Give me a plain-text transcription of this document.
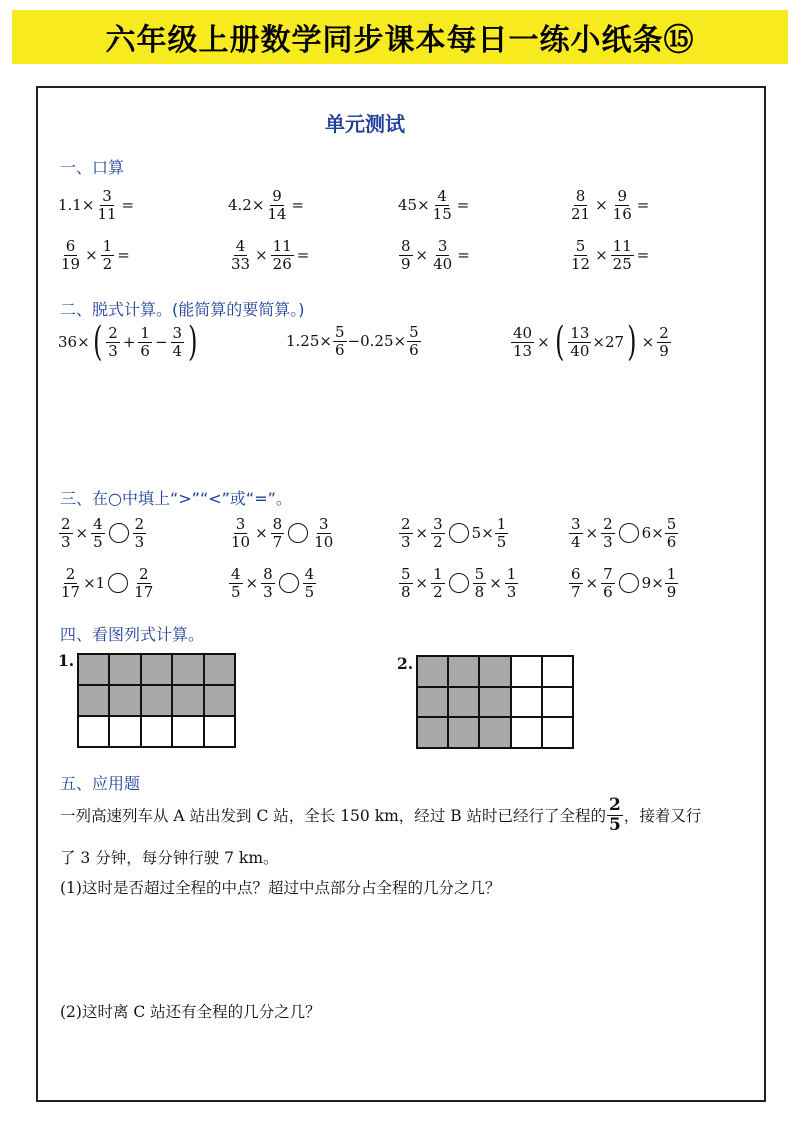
六年级上册数学同步课本每日一练小纸条⑮
单元测试
一、口算
$1.1\times \frac{3}{11}$ =	$4.2\times \frac{9}{14}$ =	$45\times \frac{4}{15}$ =	$\frac{8}{21} \times \frac{9}{16}$ =
$\frac{6}{19} \times \frac{1}{2}$ =	$\frac{4}{33} \times \frac{11}{26}$ =	$\frac{8}{9} \times \frac{3}{40}$ =	$\frac{5}{12} \times \frac{11}{25}$ =
二、脱式计算。(能简算的要简算。)
36× ( $\frac{2}{3} + \frac{1}{6} - \frac{3}{4}$ )	$1.25\times \frac{5}{6} -0.25\times \frac{5}{6}$	$\frac{40}{13}$ × ( $\frac{13}{40} \times 27$ ) × $\frac{2}{9}$
三、在○中填上“>”“<”或“=”。
$\frac{2}{3} \times \frac{4}{5} \frac{2}{3}$	$\frac{3}{10} \times \frac{8}{7} \frac{3}{10}$	$\frac{2}{3} \times \frac{3}{2} 5\times \frac{1}{5}$	$\frac{3}{4} \times \frac{2}{3} 6\times \frac{5}{6}$
$\frac{2}{17} \times 1 \frac{2}{17}$	$\frac{4}{5} \times \frac{8}{3} \frac{4}{5}$	$\frac{5}{8} \times \frac{1}{2} \frac{5}{8} \times \frac{1}{3}$	$\frac{6}{7} \times \frac{7}{6} 9\times \frac{1}{9}$
四、看图列式计算。
1.	2.
五、应用题
一列高速列车从 A 站出发到 C 站，全长 150 km，经过 B 站时已经行了全程的 $\frac{2}{5}$ ，接着又行
了 3 分钟，每分钟行驶 7 km。
(1)这时是否超过全程的中点？超过中点部分占全程的几分之几？
(2)这时离 C 站还有全程的几分之几？
